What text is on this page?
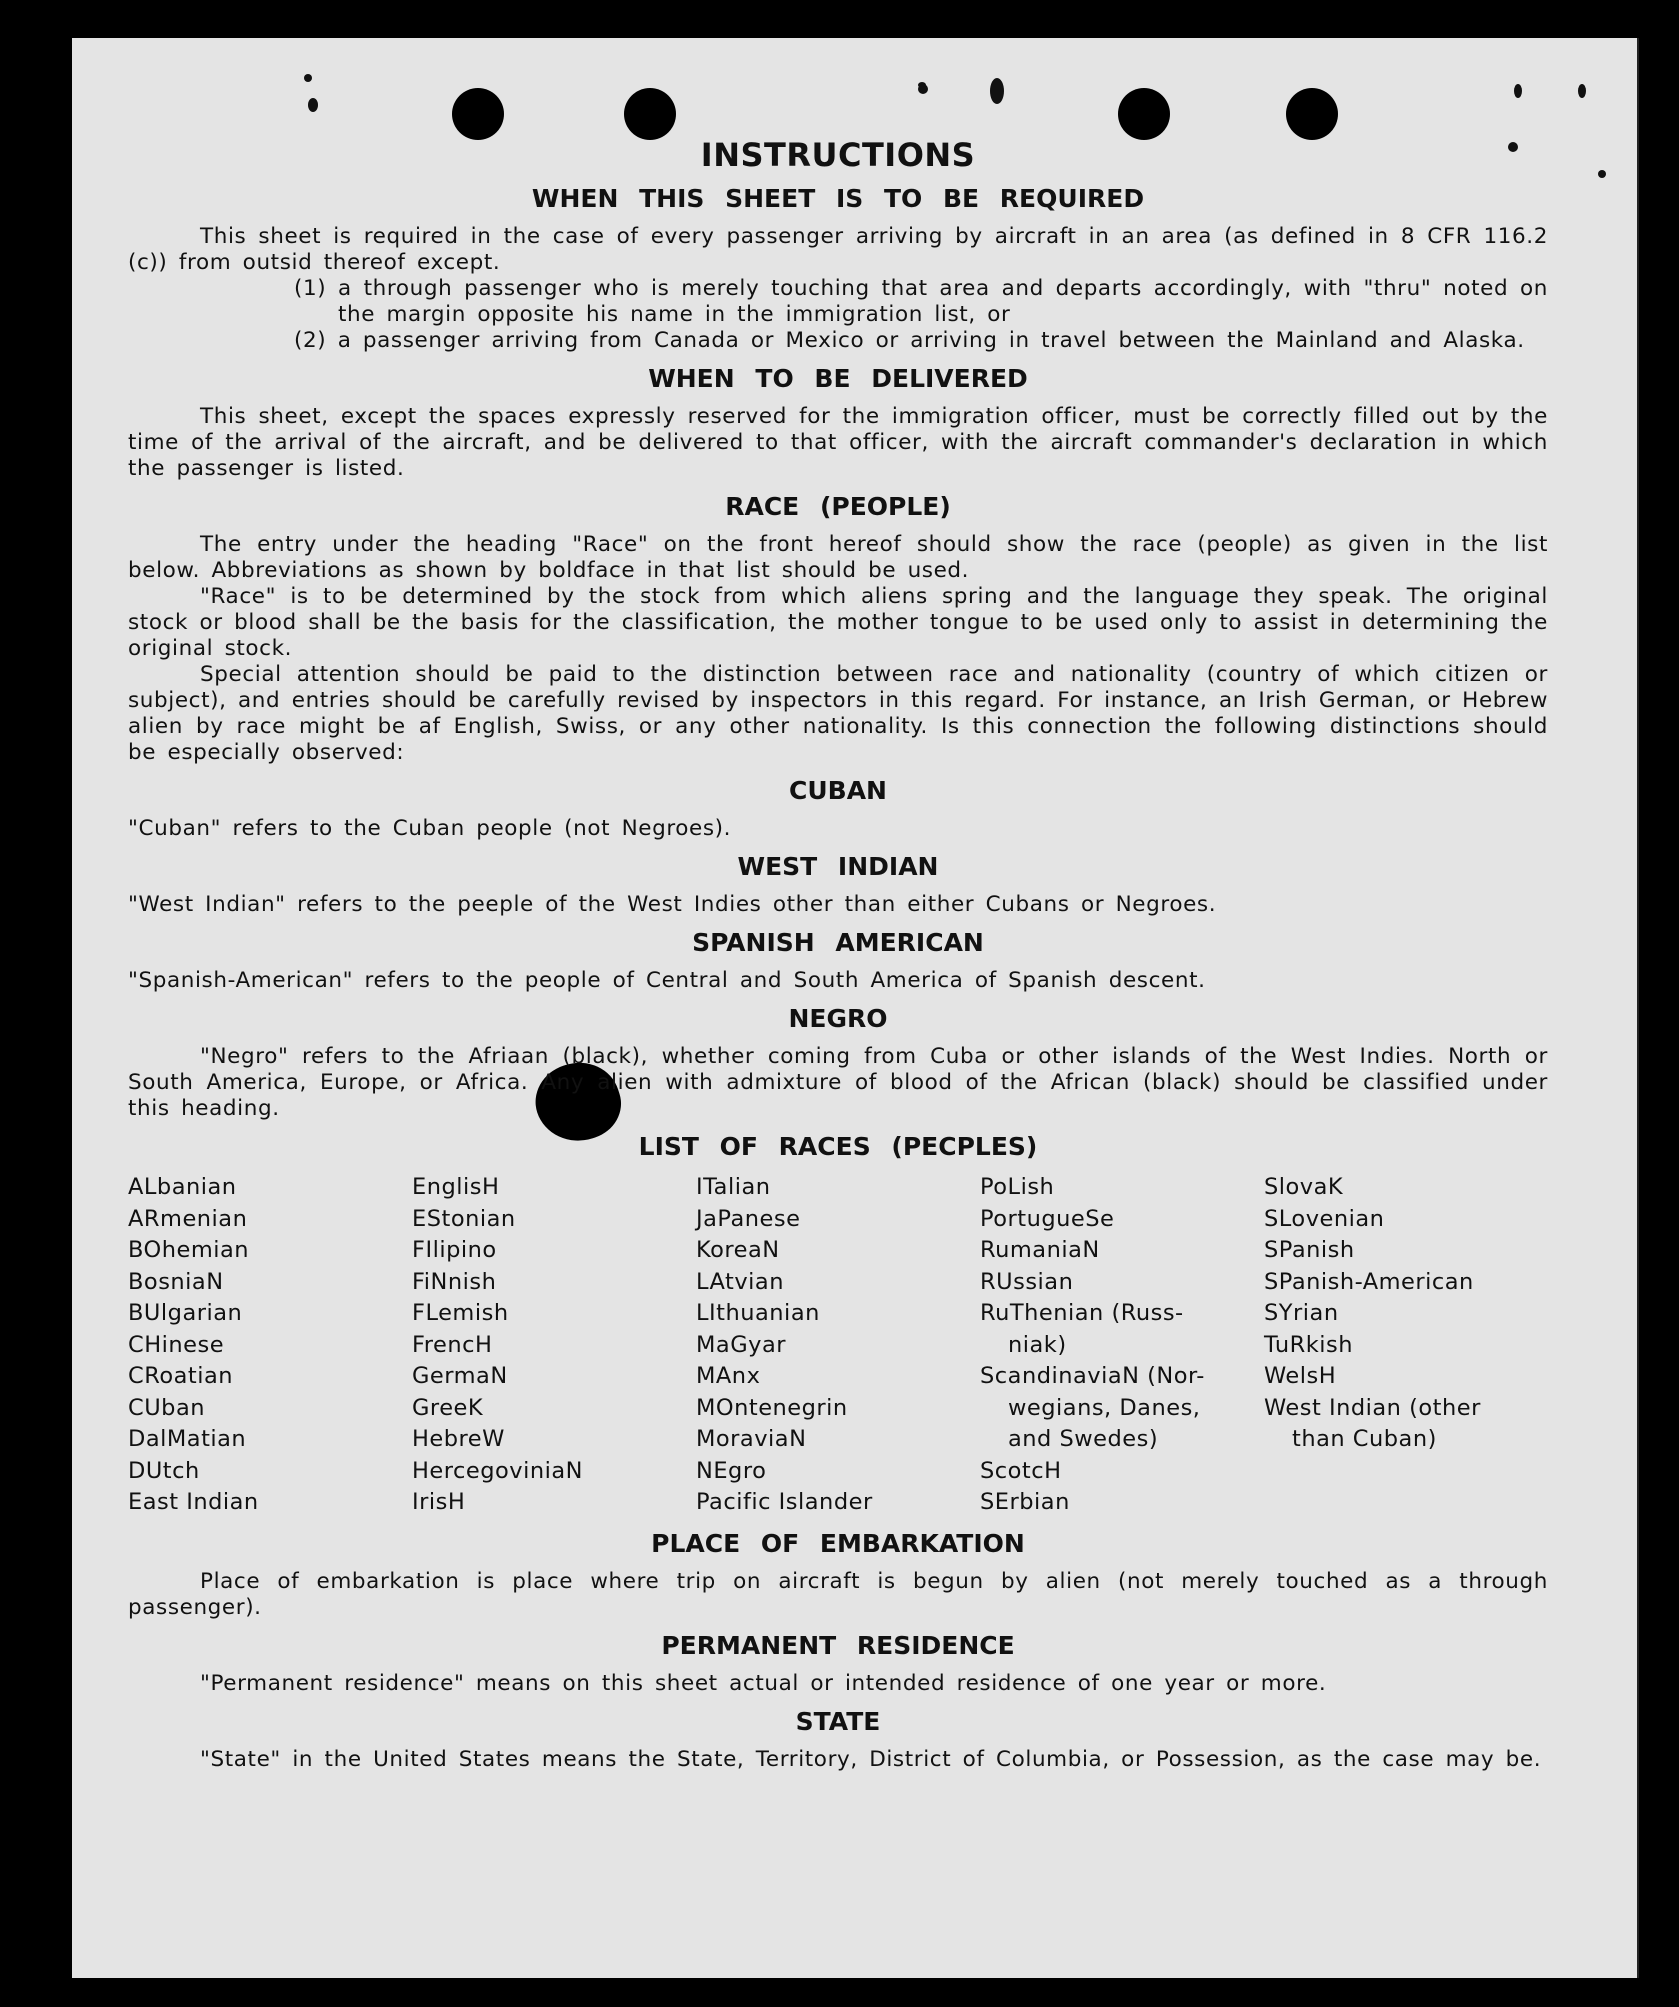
INSTRUCTIONS
WHEN THIS SHEET IS TO BE REQUIRED

This sheet is required in the case of every passenger arriving by aircraft in an area (as defined in 8 CFR 116.2 (c)) from outsid thereof except.

(1) a through passenger who is merely touching that area and departs accordingly, with "thru" noted on the margin opposite his name in the immigration list, or

(2) a passenger arriving from Canada or Mexico or arriving in travel between the Mainland and Alaska.

WHEN TO BE DELIVERED

This sheet, except the spaces expressly reserved for the immigration officer, must be correctly filled out by the time of the arrival of the aircraft, and be delivered to that officer, with the aircraft commander's declaration in which the passenger is listed.

RACE (PEOPLE)

The entry under the heading "Race" on the front hereof should show the race (people) as given in the list below. Abbreviations as shown by boldface in that list should be used.

"Race" is to be determined by the stock from which aliens spring and the language they speak. The original stock or blood shall be the basis for the classification, the mother tongue to be used only to assist in determining the original stock.

Special attention should be paid to the distinction between race and nationality (country of which citizen or subject), and entries should be carefully revised by inspectors in this regard. For instance, an Irish German, or Hebrew alien by race might be af English, Swiss, or any other nationality. Is this connection the following distinctions should be especially observed:

CUBAN

"Cuban" refers to the Cuban people (not Negroes).

WEST INDIAN

"West Indian" refers to the peeple of the West Indies other than either Cubans or Negroes.

SPANISH AMERICAN

"Spanish-American" refers to the people of Central and South America of Spanish descent.

NEGRO

"Negro" refers to the Afriaan (black), whether coming from Cuba or other islands of the West Indies. North or South America, Europe, or Africa. Any alien with admixture of blood of the African (black) should be classified under this heading.

LIST OF RACES (PECPLES)
ALbanian
ARmenian
BOhemian
BosniaN
BUlgarian
CHinese
CRoatian
CUban
DalMatian
DUtch
East Indian
EnglisH
EStonian
FIlipino
FiNnish
FLemish
FrencH
GermaN
GreeK
HebreW
HercegoviniaN
IrisH
ITalian
JaPanese
KoreaN
LAtvian
LIthuanian
MaGyar
MAnx
MOntenegrin
MoraviaN
NEgro
Pacific Islander
PoLish
PortugueSe
RumaniaN
RUssian
RuThenian (Russ-
niak)
ScandinaviaN (Nor-
wegians, Danes,
and Swedes)
ScotcH
SErbian
SlovaK
SLovenian
SPanish
SPanish-American
SYrian
TuRkish
WelsH
West Indian (other
than Cuban)
PLACE OF EMBARKATION

Place of embarkation is place where trip on aircraft is begun by alien (not merely touched as a through passenger).

PERMANENT RESIDENCE

"Permanent residence" means on this sheet actual or intended residence of one year or more.

STATE

"State" in the United States means the State, Territory, District of Columbia, or Possession, as the case may be.
